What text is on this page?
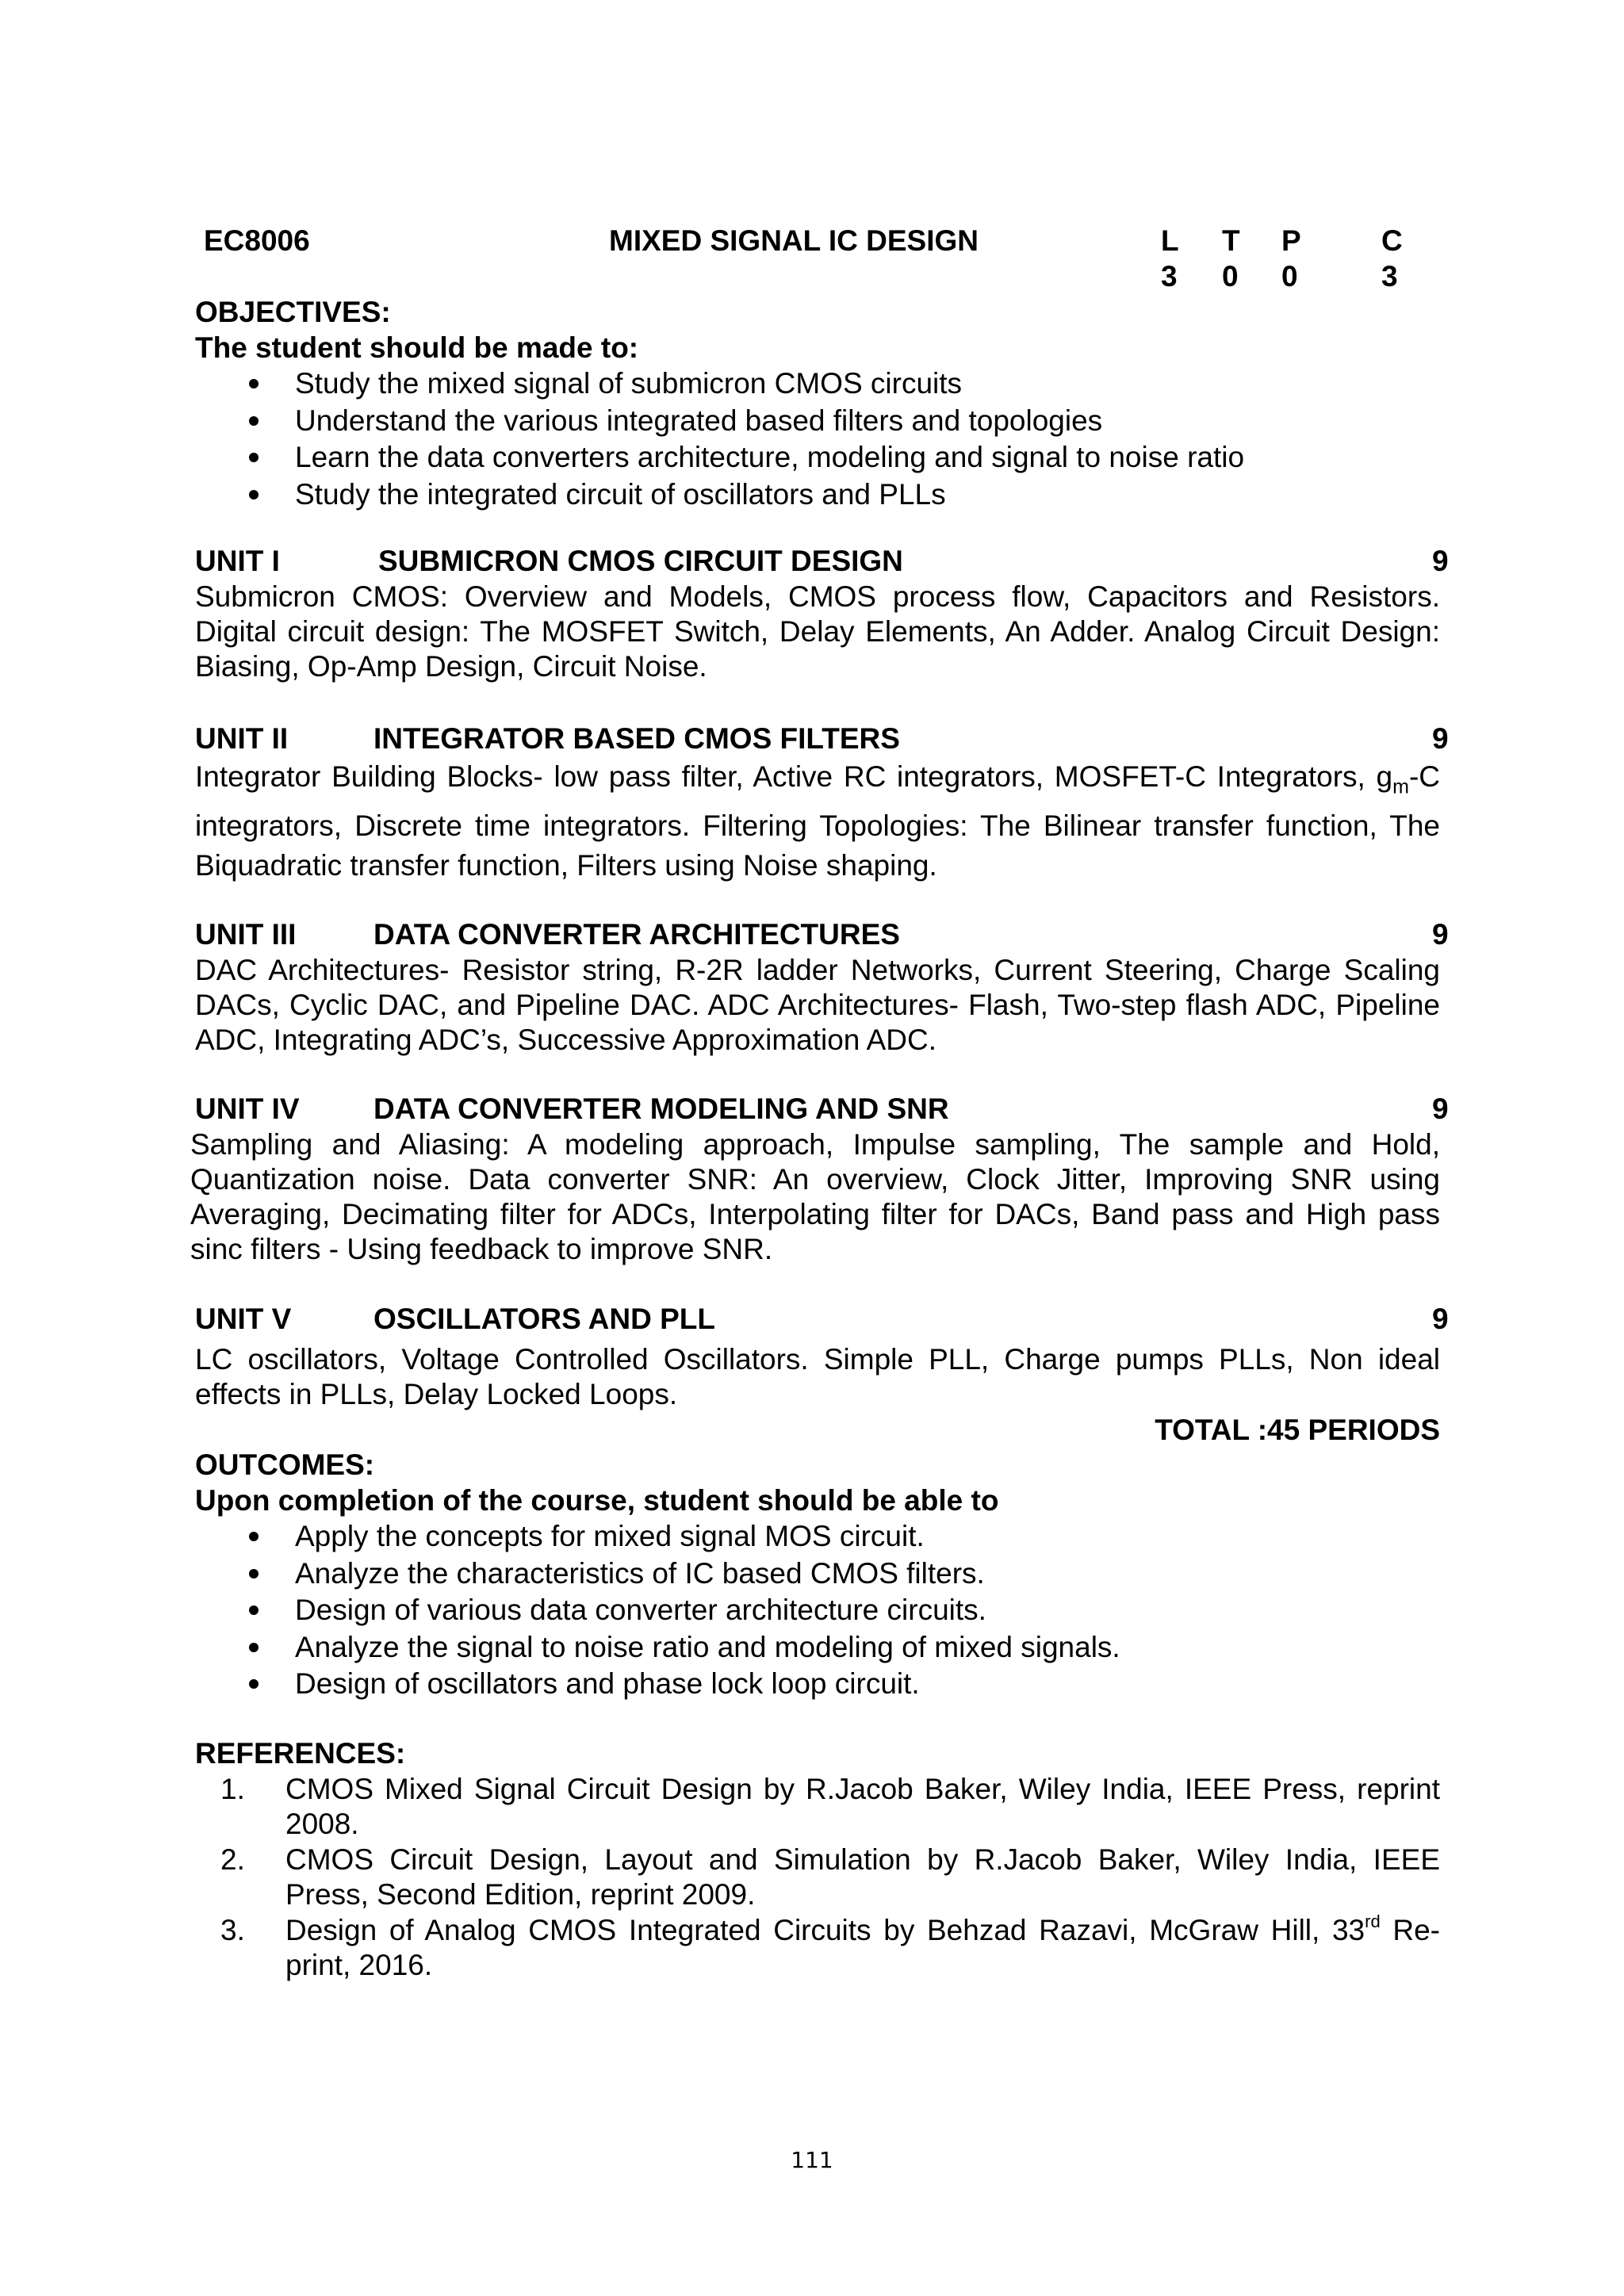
EC8006	MIXED SIGNAL IC DESIGN	L T P	C
3 0 0	3
OBJECTIVES:
The student should be made to:
Study the mixed signal of submicron CMOS circuits
Understand the various integrated based filters and topologies
Learn the data converters architecture, modeling and signal to noise ratio
Study the integrated circuit of oscillators and PLLs
UNIT I	SUBMICRON CMOS CIRCUIT DESIGN	9
Submicron CMOS: Overview and Models, CMOS process flow, Capacitors and Resistors. Digital circuit design: The MOSFET Switch, Delay Elements, An Adder. Analog Circuit Design: Biasing, Op-Amp Design, Circuit Noise.
UNIT II	INTEGRATOR BASED CMOS FILTERS	9
Integrator Building Blocks- low pass filter, Active RC integrators, MOSFET-C Integrators, $g_m-C$ integrators, Discrete time integrators. Filtering Topologies: The Bilinear transfer function, The Biquadratic transfer function, Filters using Noise shaping.
UNIT III	DATA CONVERTER ARCHITECTURES	9
DAC Architectures- Resistor string, R-2R ladder Networks, Current Steering, Charge Scaling DACs, Cyclic DAC, and Pipeline DAC. ADC Architectures- Flash, Two-step flash ADC, Pipeline ADC, Integrating ADC’s, Successive Approximation ADC.
UNIT IV	DATA CONVERTER MODELING AND SNR	9
Sampling and Aliasing: A modeling approach, Impulse sampling, The sample and Hold, Quantization noise. Data converter SNR: An overview, Clock Jitter, Improving SNR using Averaging, Decimating filter for ADCs, Interpolating filter for DACs, Band pass and High pass sinc filters - Using feedback to improve SNR.
UNIT V	OSCILLATORS AND PLL	9
LC oscillators, Voltage Controlled Oscillators. Simple PLL, Charge pumps PLLs, Non ideal effects in PLLs, Delay Locked Loops.
TOTAL :45 PERIODS
OUTCOMES:
Upon completion of the course, student should be able to
Apply the concepts for mixed signal MOS circuit.
Analyze the characteristics of IC based CMOS filters.
Design of various data converter architecture circuits.
Analyze the signal to noise ratio and modeling of mixed signals.
Design of oscillators and phase lock loop circuit.
REFERENCES:
1. CMOS Mixed Signal Circuit Design by R.Jacob Baker, Wiley India, IEEE Press, reprint 2008.
2. CMOS Circuit Design, Layout and Simulation by R.Jacob Baker, Wiley India, IEEE Press, Second Edition, reprint 2009.
3. Design of Analog CMOS Integrated Circuits by Behzad Razavi, McGraw Hill, 33rd Re-print, 2016.
111
